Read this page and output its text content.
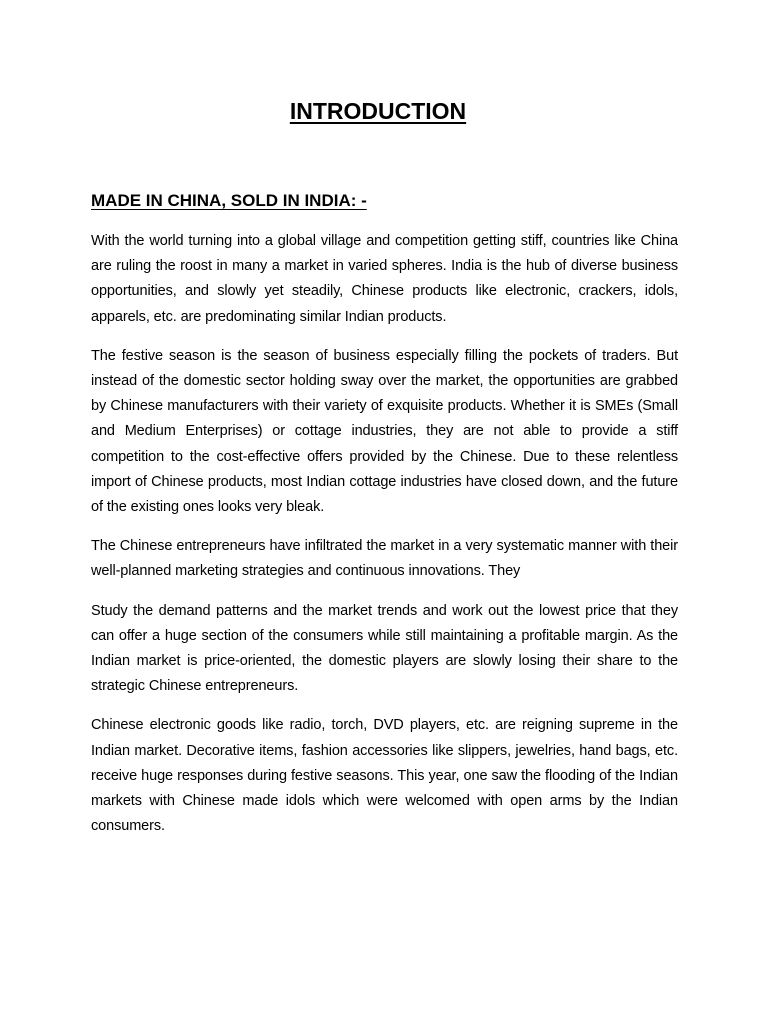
INTRODUCTION
MADE IN CHINA, SOLD IN INDIA: -

With the world turning into a global village and competition getting stiff, countries like China are ruling the roost in many a market in varied spheres. India is the hub of diverse business opportunities, and slowly yet steadily, Chinese products like electronic, crackers, idols, apparels, etc. are predominating similar Indian products.

The festive season is the season of business especially filling the pockets of traders. But instead of the domestic sector holding sway over the market, the opportunities are grabbed by Chinese manufacturers with their variety of exquisite products. Whether it is SMEs (Small and Medium Enterprises) or cottage industries, they are not able to provide a stiff competition to the cost-effective offers provided by the Chinese. Due to these relentless import of Chinese products, most Indian cottage industries have closed down, and the future of the existing ones looks very bleak.

The Chinese entrepreneurs have infiltrated the market in a very systematic manner with their well-planned marketing strategies and continuous innovations. They

Study the demand patterns and the market trends and work out the lowest price that they can offer a huge section of the consumers while still maintaining a profitable margin. As the Indian market is price-oriented, the domestic players are slowly losing their share to the strategic Chinese entrepreneurs.

Chinese electronic goods like radio, torch, DVD players, etc. are reigning supreme in the Indian market. Decorative items, fashion accessories like slippers, jewelries, hand bags, etc. receive huge responses during festive seasons. This year, one saw the flooding of the Indian markets with Chinese made idols which were welcomed with open arms by the Indian consumers.
